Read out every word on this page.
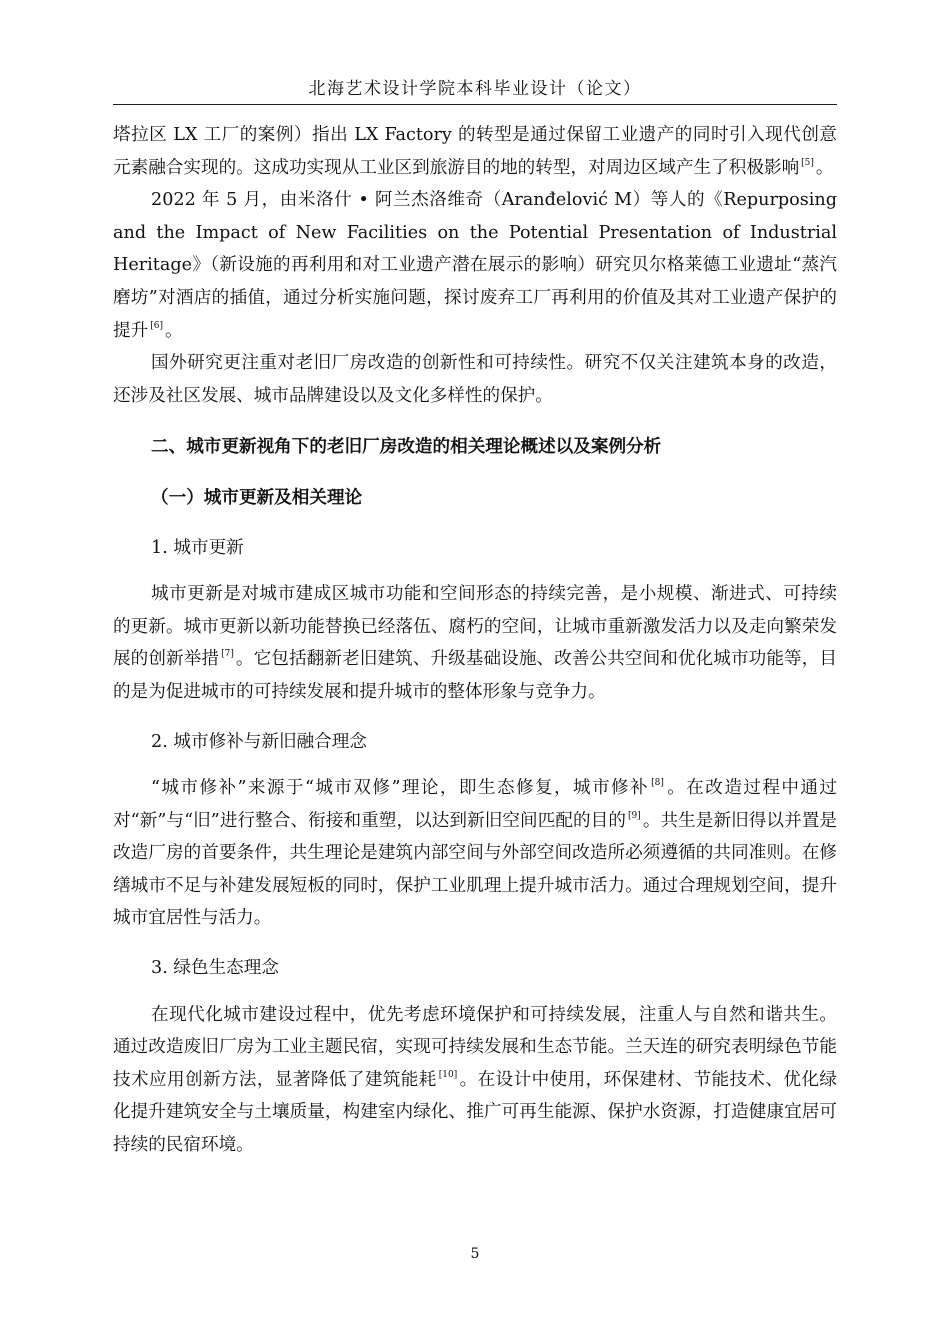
北海艺术设计学院本科毕业设计（论文）

塔拉区 LX 工厂的案例）指出 LX Factory 的转型是通过保留工业遗产的同时引入现代创意元素融合实现的。这成功实现从工业区到旅游目的地的转型，对周边区域产生了积极影响 [5] 。

2022 年 5 月，由米洛什 • 阿兰杰洛维奇（Aranđelović M）等人的《Repurposing and the Impact of New Facilities on the Potential Presentation of Industrial Heritage》（新设施的再利用和对工业遗产潜在展示的影响）研究贝尔格莱德工业遗址“蒸汽磨坊”对酒店的插值，通过分析实施问题，探讨废弃工厂再利用的价值及其对工业遗产保护的提升 [6] 。

国外研究更注重对老旧厂房改造的创新性和可持续性。研究不仅关注建筑本身的改造，还涉及社区发展、城市品牌建设以及文化多样性的保护。

二、城市更新视角下的老旧厂房改造的相关理论概述以及案例分析

（一）城市更新及相关理论

1. 城市更新

城市更新是对城市建成区城市功能和空间形态的持续完善，是小规模、渐进式、可持续的更新。城市更新以新功能替换已经落伍、腐朽的空间，让城市重新激发活力以及走向繁荣发展的创新举措 [7] 。它包括翻新老旧建筑、升级基础设施、改善公共空间和优化城市功能等，目的是为促进城市的可持续发展和提升城市的整体形象与竞争力。

2. 城市修补与新旧融合理念

“城市修补”来源于“城市双修”理论，即生态修复，城市修补 [8] 。在改造过程中通过对“新”与“旧”进行整合、衔接和重塑，以达到新旧空间匹配的目的 [9] 。共生是新旧得以并置是改造厂房的首要条件，共生理论是建筑内部空间与外部空间改造所必须遵循的共同准则。在修缮城市不足与补建发展短板的同时，保护工业肌理上提升城市活力。通过合理规划空间，提升城市宜居性与活力。

3. 绿色生态理念

在现代化城市建设过程中，优先考虑环境保护和可持续发展，注重人与自然和谐共生。通过改造废旧厂房为工业主题民宿，实现可持续发展和生态节能。兰天连的研究表明绿色节能技术应用创新方法，显著降低了建筑能耗 [10] 。在设计中使用，环保建材、节能技术、优化绿化提升建筑安全与土壤质量，构建室内绿化、推广可再生能源、保护水资源，打造健康宜居可持续的民宿环境。

5
